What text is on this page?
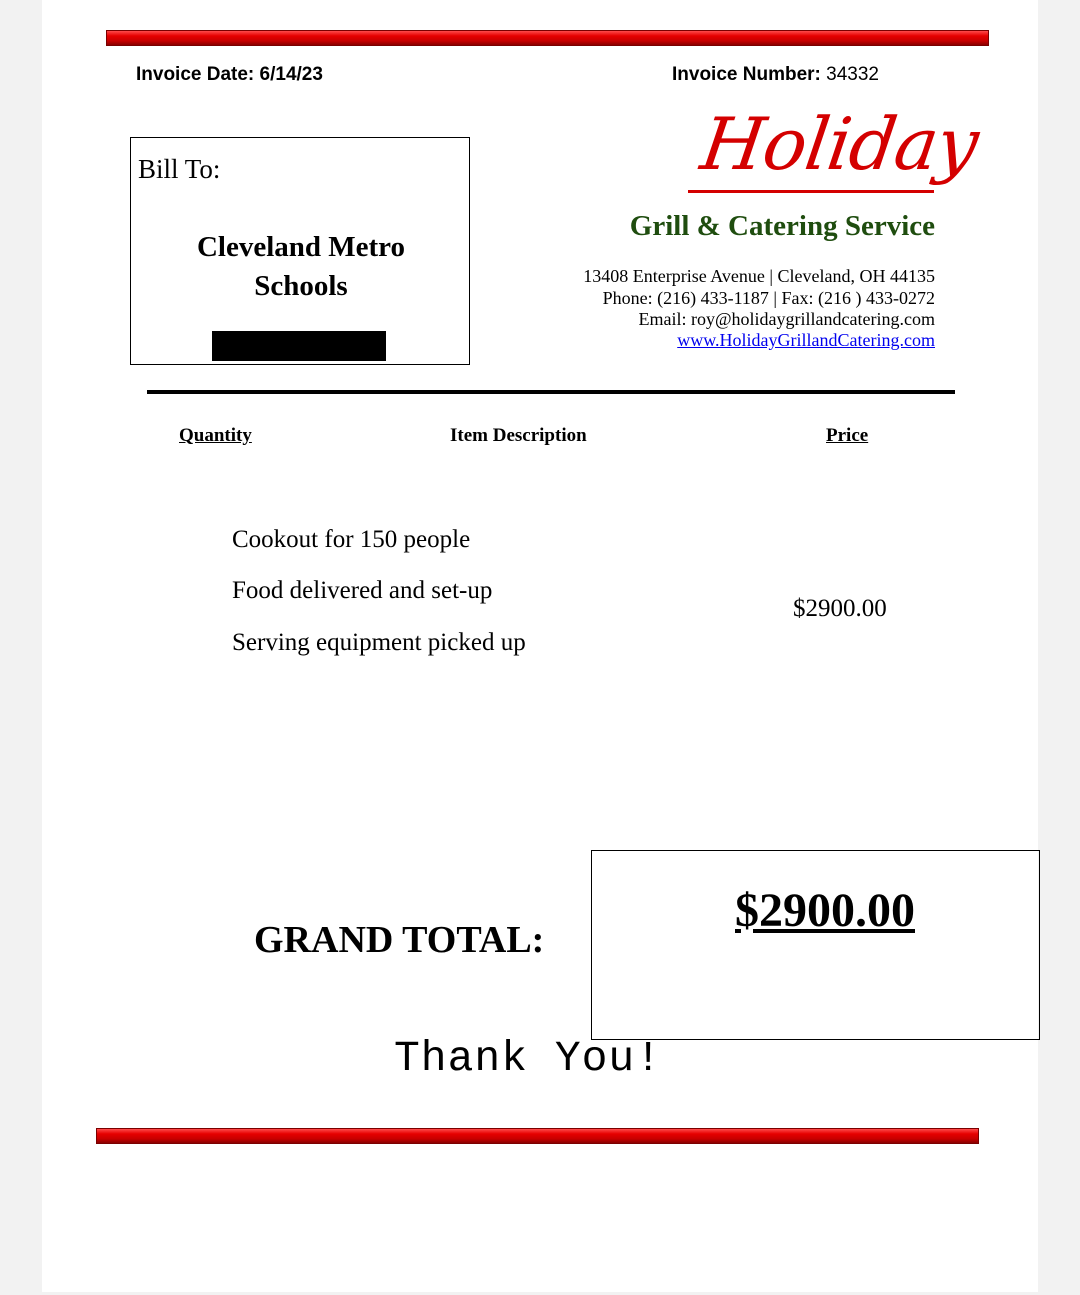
Invoice Date: 6/14/23	Invoice Number: 34332
Bill To:
Cleveland Metro
Schools
Holiday
Grill & Catering Service
13408 Enterprise Avenue | Cleveland, OH 44135
Phone: (216) 433-1187 | Fax: (216 ) 433-0272
Email: roy@holidaygrillandcatering.com
www.HolidayGrillandCatering.com
Quantity	Item Description	Price
Cookout for 150 people
Food delivered and set-up
Serving equipment picked up
$2900.00
GRAND TOTAL:
$2900.00
Thank You!
